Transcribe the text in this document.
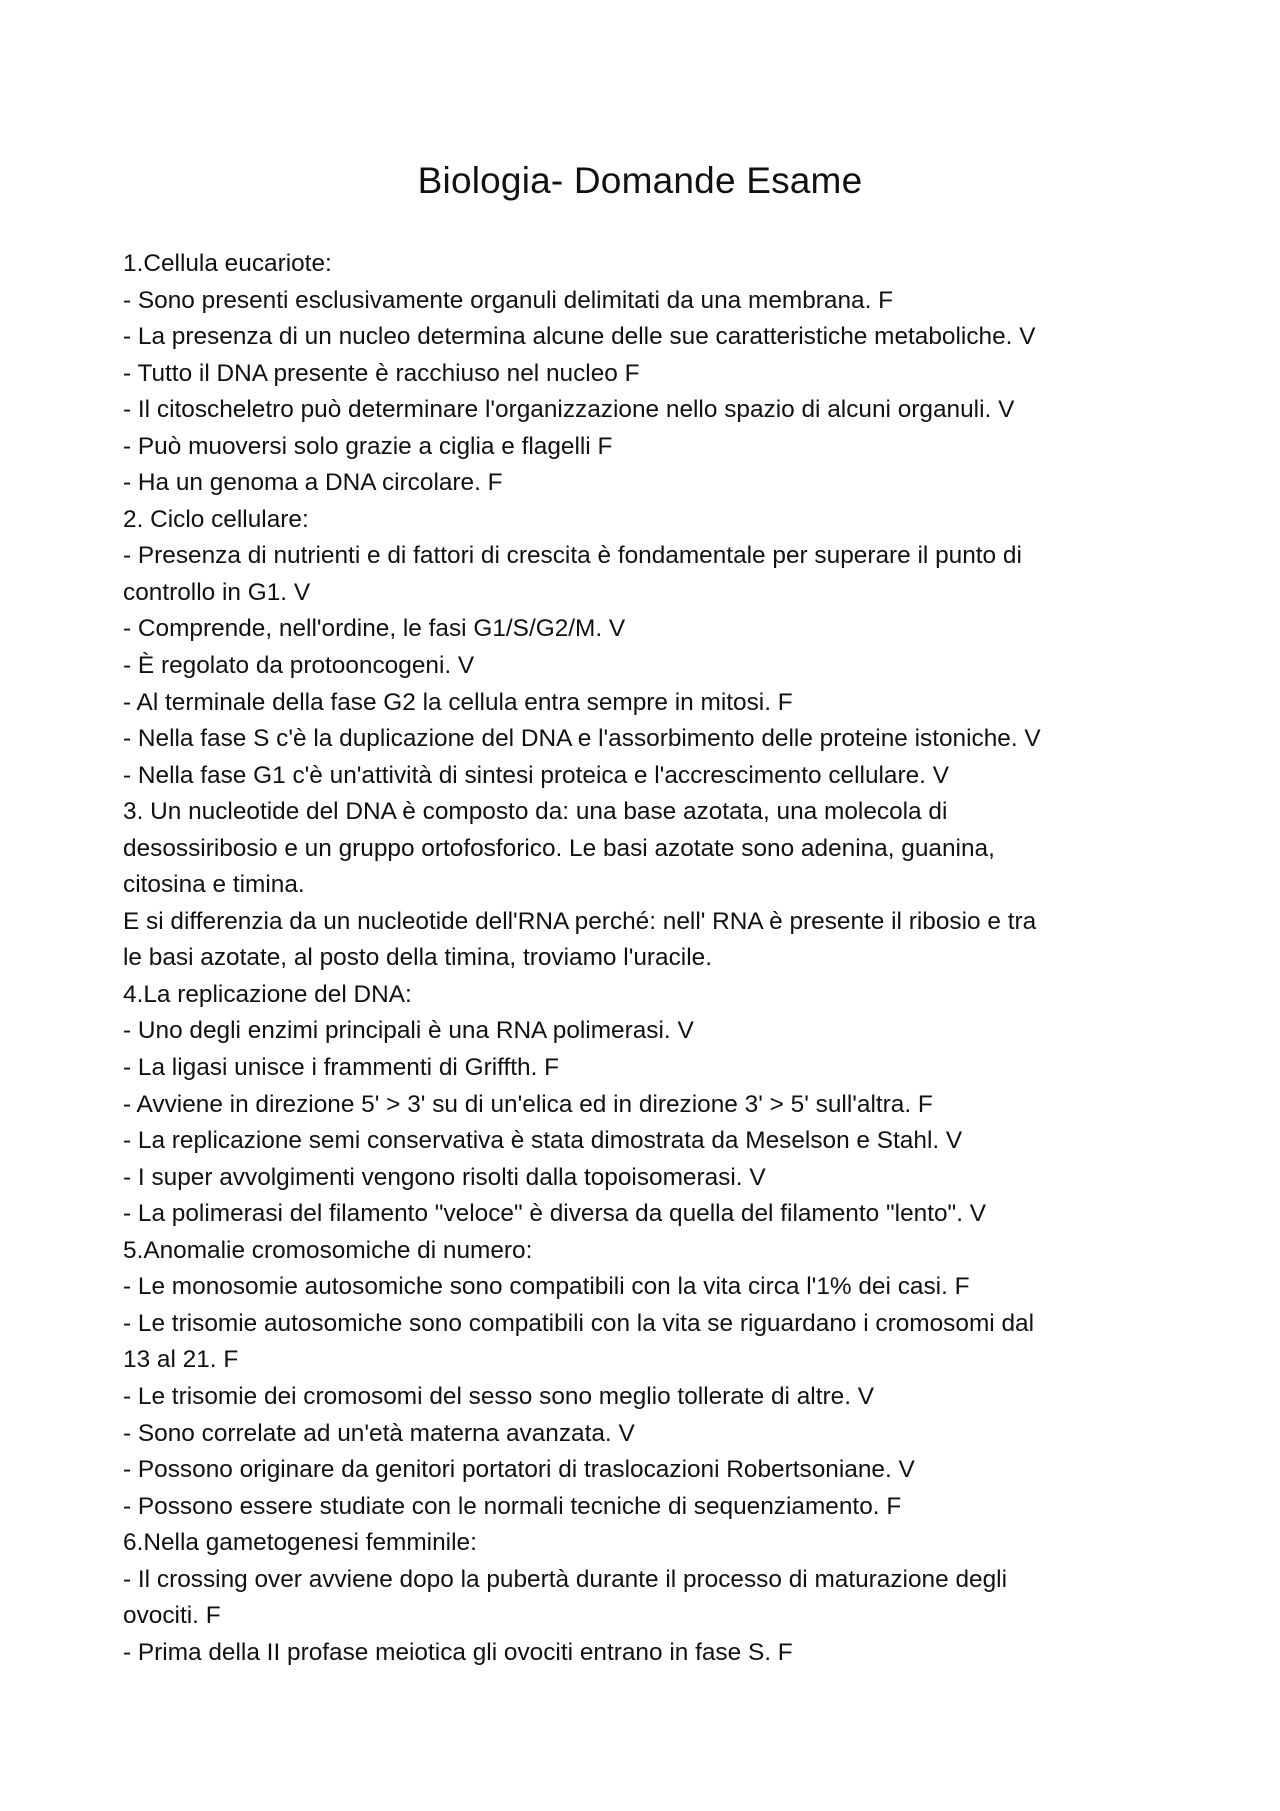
Biologia- Domande Esame
1.Cellula eucariote:
- Sono presenti esclusivamente organuli delimitati da una membrana. F
- La presenza di un nucleo determina alcune delle sue caratteristiche metaboliche. V
- Tutto il DNA presente è racchiuso nel nucleo F
- Il citoscheletro può determinare l'organizzazione nello spazio di alcuni organuli. V
- Può muoversi solo grazie a ciglia e flagelli F
- Ha un genoma a DNA circolare. F
2. Ciclo cellulare:
- Presenza di nutrienti e di fattori di crescita è fondamentale per superare il punto di
controllo in G1. V
- Comprende, nell'ordine, le fasi G1/S/G2/M. V
- È regolato da protooncogeni. V
- Al terminale della fase G2 la cellula entra sempre in mitosi. F
- Nella fase S c'è la duplicazione del DNA e l'assorbimento delle proteine istoniche. V
- Nella fase G1 c'è un'attività di sintesi proteica e l'accrescimento cellulare. V
3. Un nucleotide del DNA è composto da: una base azotata, una molecola di
desossiribosio e un gruppo ortofosforico. Le basi azotate sono adenina, guanina,
citosina e timina.
E si differenzia da un nucleotide dell'RNA perché: nell' RNA è presente il ribosio e tra
le basi azotate, al posto della timina, troviamo l'uracile.
4.La replicazione del DNA:
- Uno degli enzimi principali è una RNA polimerasi. V
- La ligasi unisce i frammenti di Griffth. F
- Avviene in direzione 5' > 3' su di un'elica ed in direzione 3' > 5' sull'altra. F
- La replicazione semi conservativa è stata dimostrata da Meselson e Stahl. V
- I super avvolgimenti vengono risolti dalla topoisomerasi. V
- La polimerasi del filamento "veloce" è diversa da quella del filamento "lento". V
5.Anomalie cromosomiche di numero:
- Le monosomie autosomiche sono compatibili con la vita circa l'1% dei casi. F
- Le trisomie autosomiche sono compatibili con la vita se riguardano i cromosomi dal
13 al 21. F
- Le trisomie dei cromosomi del sesso sono meglio tollerate di altre. V
- Sono correlate ad un'età materna avanzata. V
- Possono originare da genitori portatori di traslocazioni Robertsoniane. V
- Possono essere studiate con le normali tecniche di sequenziamento. F
6.Nella gametogenesi femminile:
- Il crossing over avviene dopo la pubertà durante il processo di maturazione degli
ovociti. F
- Prima della II profase meiotica gli ovociti entrano in fase S. F
